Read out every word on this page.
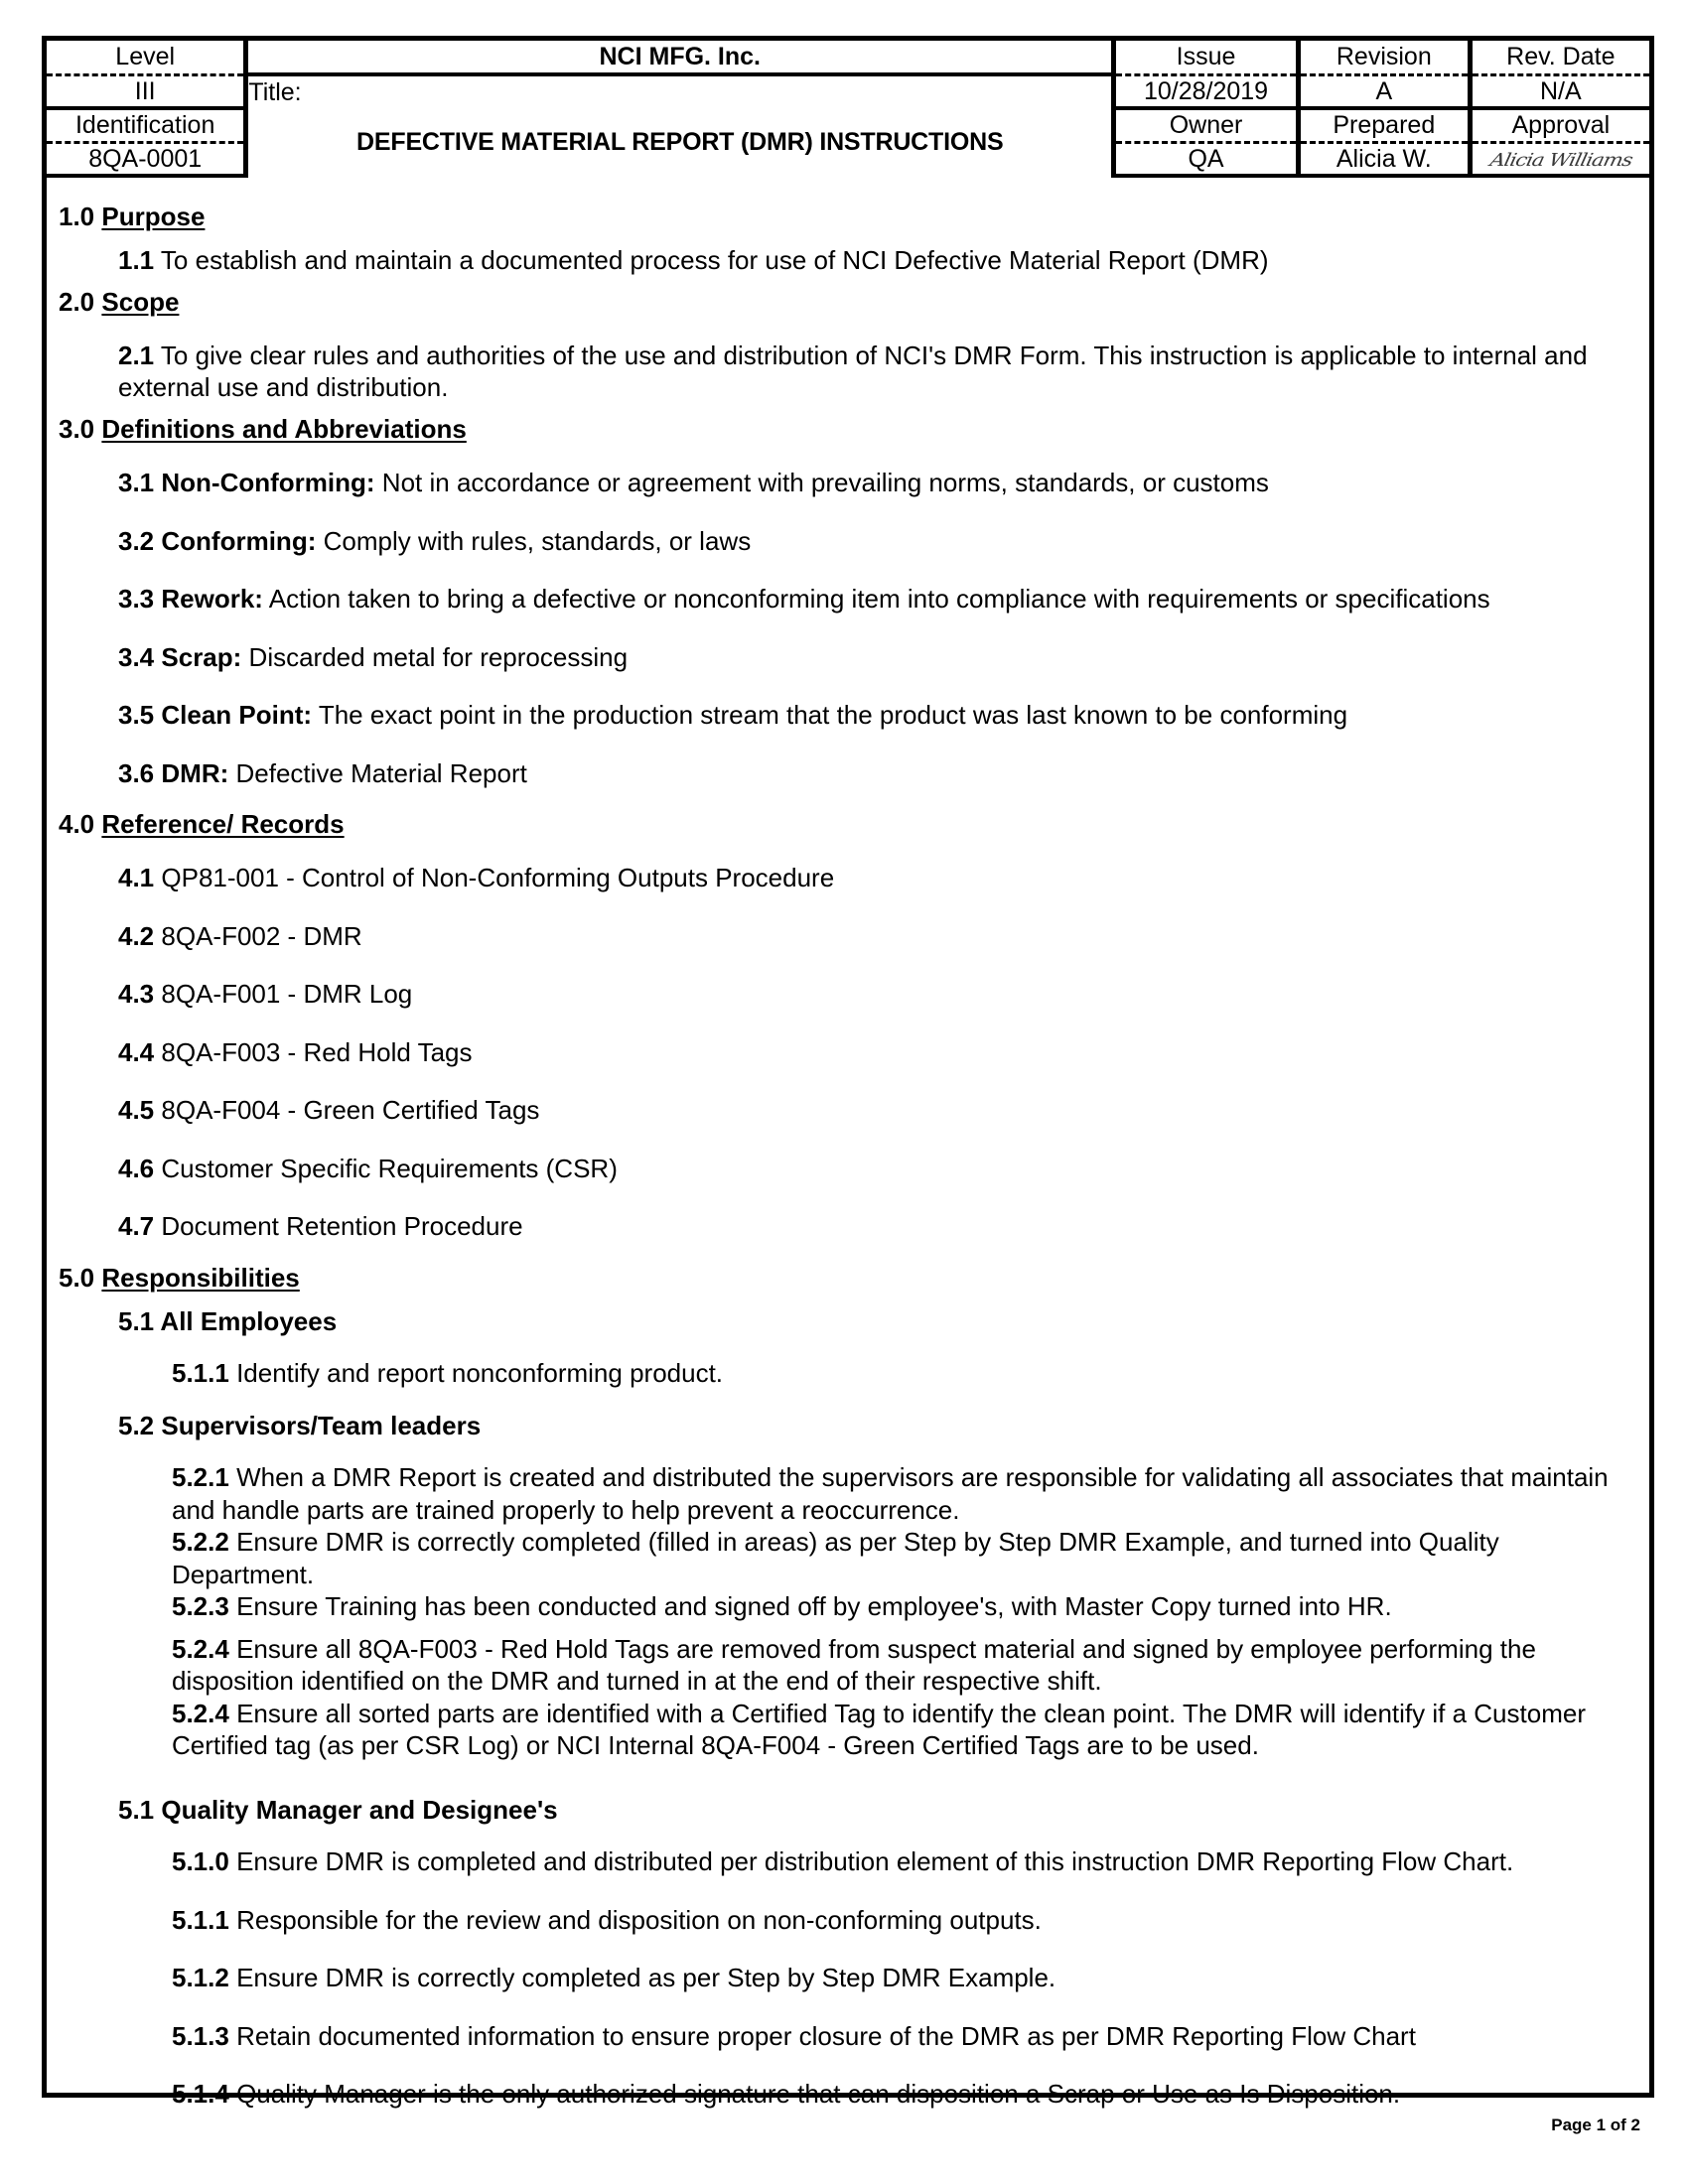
Level	NCI MFG. Inc.	Issue	Revision	Rev. Date
III	Title:	10/28/2019	A	N/A
Identification	DEFECTIVE MATERIAL REPORT (DMR) INSTRUCTIONS	Owner	Prepared	Approval
8QA-0001		QA	Alicia W.	Alicia Williams
1.0 Purpose
1.1 To establish and maintain a documented process for use of NCI Defective Material Report (DMR)
2.0 Scope
2.1 To give clear rules and authorities of the use and distribution of NCI's DMR Form. This instruction is applicable to internal and external use and distribution.
3.0 Definitions and Abbreviations
3.1 Non-Conforming: Not in accordance or agreement with prevailing norms, standards, or customs
3.2 Conforming: Comply with rules, standards, or laws
3.3 Rework: Action taken to bring a defective or nonconforming item into compliance with requirements or specifications
3.4 Scrap: Discarded metal for reprocessing
3.5 Clean Point: The exact point in the production stream that the product was last known to be conforming
3.6 DMR: Defective Material Report
4.0 Reference/ Records
4.1 QP81-001 - Control of Non-Conforming Outputs Procedure
4.2 8QA-F002 - DMR
4.3 8QA-F001 - DMR Log
4.4 8QA-F003 - Red Hold Tags
4.5 8QA-F004 - Green Certified Tags
4.6 Customer Specific Requirements (CSR)
4.7 Document Retention Procedure
5.0 Responsibilities
5.1 All Employees
5.1.1 Identify and report nonconforming product.
5.2 Supervisors/Team leaders
5.2.1 When a DMR Report is created and distributed the supervisors are responsible for validating all associates that maintain and handle parts are trained properly to help prevent a reoccurrence.
5.2.2 Ensure DMR is correctly completed (filled in areas) as per Step by Step DMR Example, and turned into Quality Department.
5.2.3 Ensure Training has been conducted and signed off by employee's, with Master Copy turned into HR.
5.2.4 Ensure all 8QA-F003 - Red Hold Tags are removed from suspect material and signed by employee performing the disposition identified on the DMR and turned in at the end of their respective shift.
5.2.4 Ensure all sorted parts are identified with a Certified Tag to identify the clean point. The DMR will identify if a Customer Certified tag (as per CSR Log) or NCI Internal 8QA-F004 - Green Certified Tags are to be used.
5.1 Quality Manager and Designee's
5.1.0 Ensure DMR is completed and distributed per distribution element of this instruction DMR Reporting Flow Chart.
5.1.1 Responsible for the review and disposition on non-conforming outputs.
5.1.2 Ensure DMR is correctly completed as per Step by Step DMR Example.
5.1.3 Retain documented information to ensure proper closure of the DMR as per DMR Reporting Flow Chart
5.1.4 Quality Manager is the only authorized signature that can disposition a Scrap or Use as Is Disposition.
Page 1 of 2
